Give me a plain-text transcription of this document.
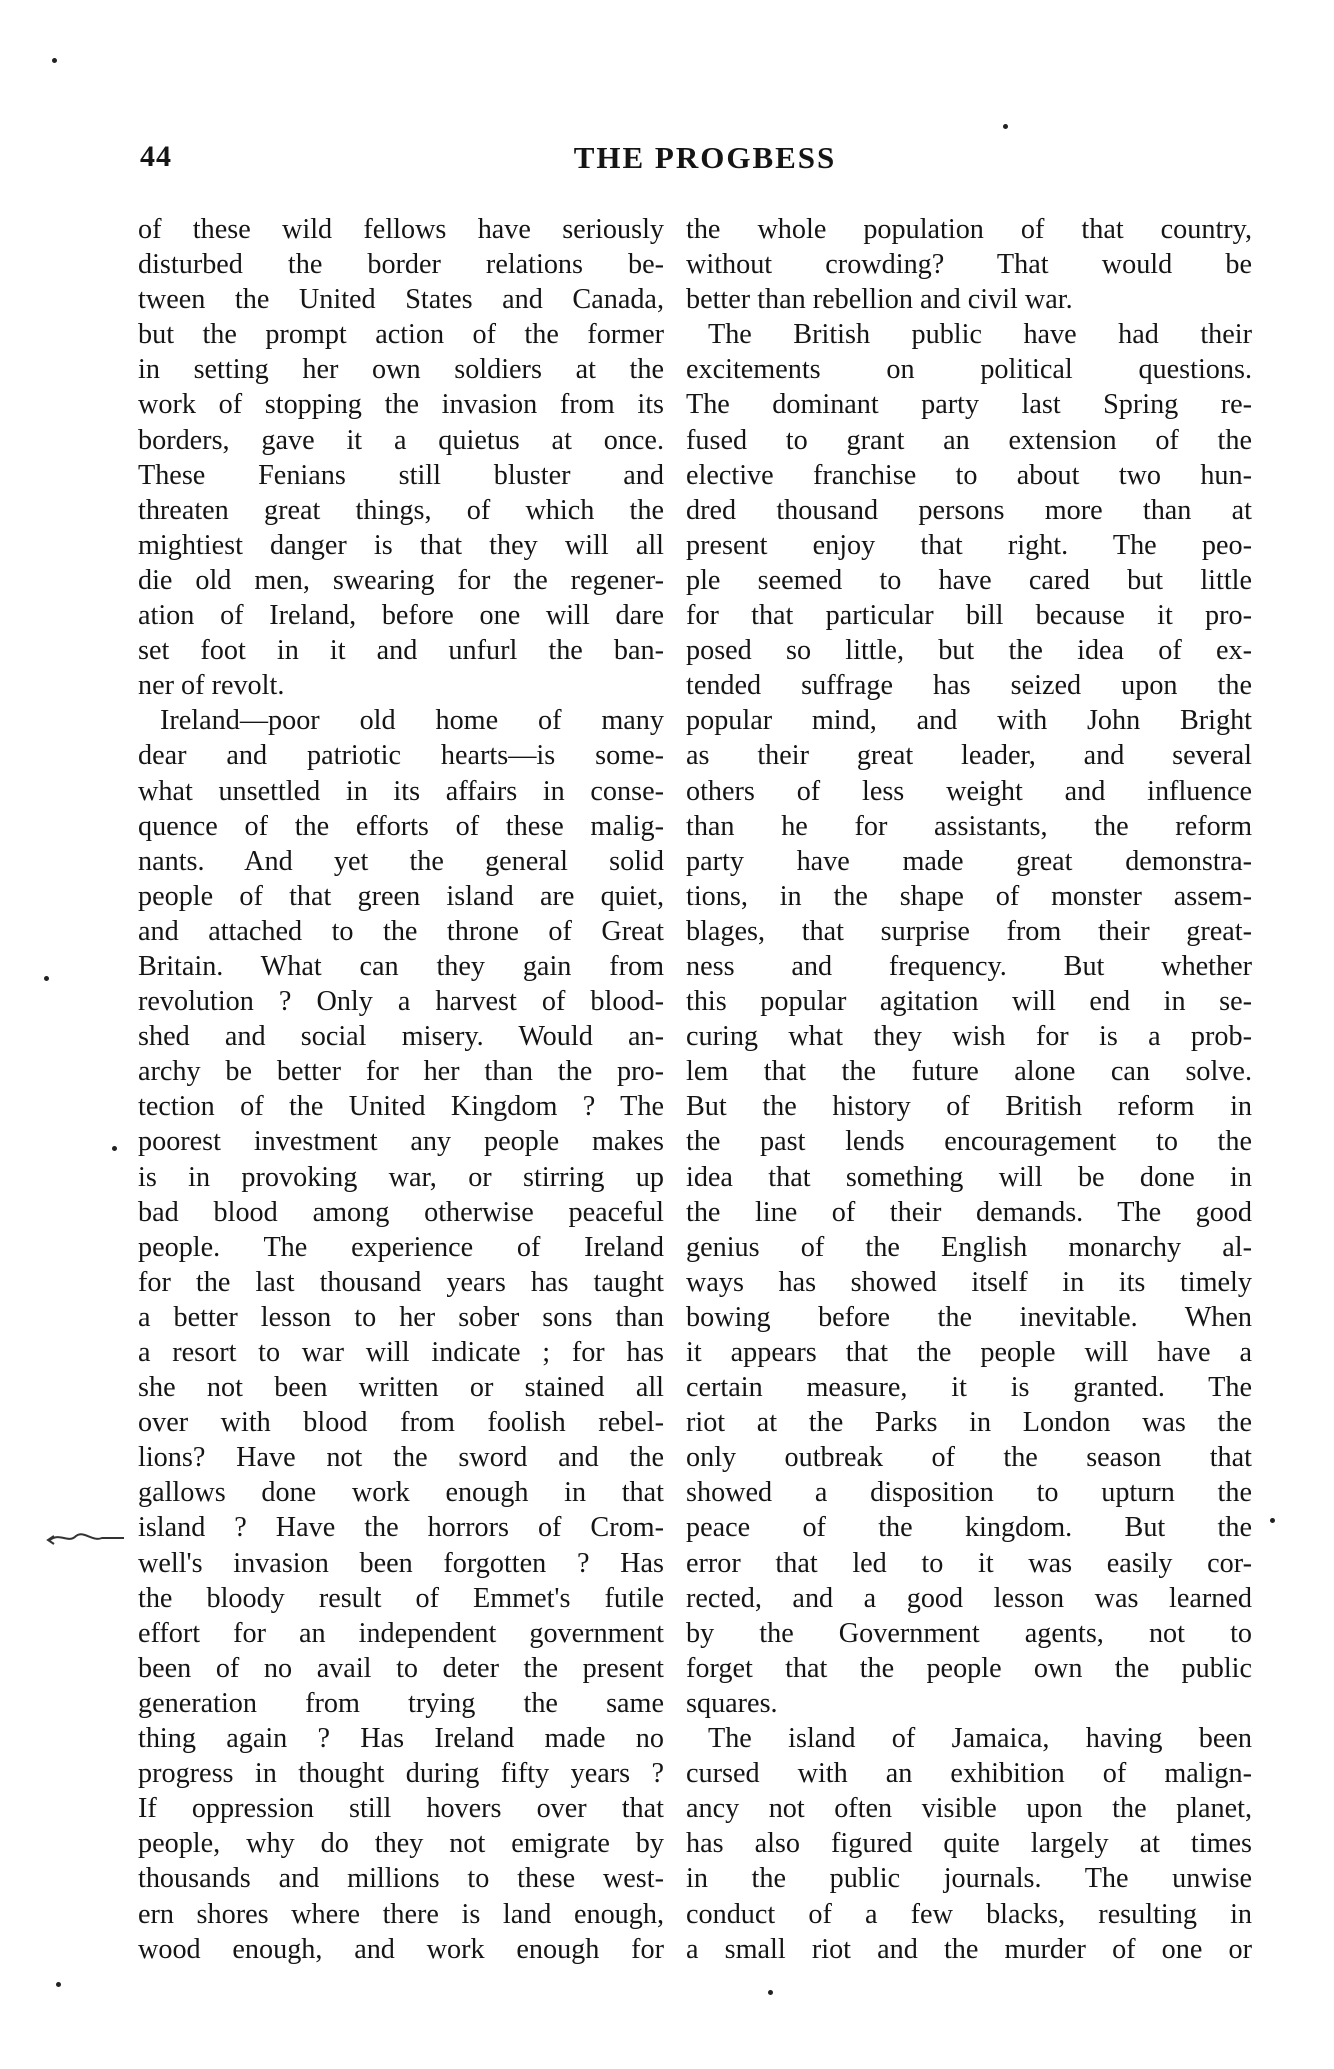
44	THE PROGBESS
of these wild fellows have seriously
disturbed the border relations be-
tween the United States and Canada,
but the prompt action of the former
in setting her own soldiers at the
work of stopping the invasion from its
borders, gave it a quietus at once.
These Fenians still bluster and
threaten great things, of which the
mightiest danger is that they will all
die old men, swearing for the regener-
ation of Ireland, before one will dare
set foot in it and unfurl the ban-
ner of revolt.
Ireland—poor old home of many
dear and patriotic hearts—is some-
what unsettled in its affairs in conse-
quence of the efforts of these malig-
nants. And yet the general solid
people of that green island are quiet,
and attached to the throne of Great
Britain. What can they gain from
revolution ? Only a harvest of blood-
shed and social misery. Would an-
archy be better for her than the pro-
tection of the United Kingdom ? The
poorest investment any people makes
is in provoking war, or stirring up
bad blood among otherwise peaceful
people. The experience of Ireland
for the last thousand years has taught
a better lesson to her sober sons than
a resort to war will indicate ; for has
she not been written or stained all
over with blood from foolish rebel-
lions? Have not the sword and the
gallows done work enough in that
island ? Have the horrors of Crom-
well's invasion been forgotten ? Has
the bloody result of Emmet's futile
effort for an independent government
been of no avail to deter the present
generation from trying the same
thing again ? Has Ireland made no
progress in thought during fifty years ?
If oppression still hovers over that
people, why do they not emigrate by
thousands and millions to these west-
ern shores where there is land enough,
wood enough, and work enough for
the whole population of that country,
without crowding? That would be
better than rebellion and civil war.
The British public have had their
excitements on political questions.
The dominant party last Spring re-
fused to grant an extension of the
elective franchise to about two hun-
dred thousand persons more than at
present enjoy that right. The peo-
ple seemed to have cared but little
for that particular bill because it pro-
posed so little, but the idea of ex-
tended suffrage has seized upon the
popular mind, and with John Bright
as their great leader, and several
others of less weight and influence
than he for assistants, the reform
party have made great demonstra-
tions, in the shape of monster assem-
blages, that surprise from their great-
ness and frequency. But whether
this popular agitation will end in se-
curing what they wish for is a prob-
lem that the future alone can solve.
But the history of British reform in
the past lends encouragement to the
idea that something will be done in
the line of their demands. The good
genius of the English monarchy al-
ways has showed itself in its timely
bowing before the inevitable. When
it appears that the people will have a
certain measure, it is granted. The
riot at the Parks in London was the
only outbreak of the season that
showed a disposition to upturn the
peace of the kingdom. But the
error that led to it was easily cor-
rected, and a good lesson was learned
by the Government agents, not to
forget that the people own the public
squares.
The island of Jamaica, having been
cursed with an exhibition of malign-
ancy not often visible upon the planet,
has also figured quite largely at times
in the public journals. The unwise
conduct of a few blacks, resulting in
a small riot and the murder of one or
